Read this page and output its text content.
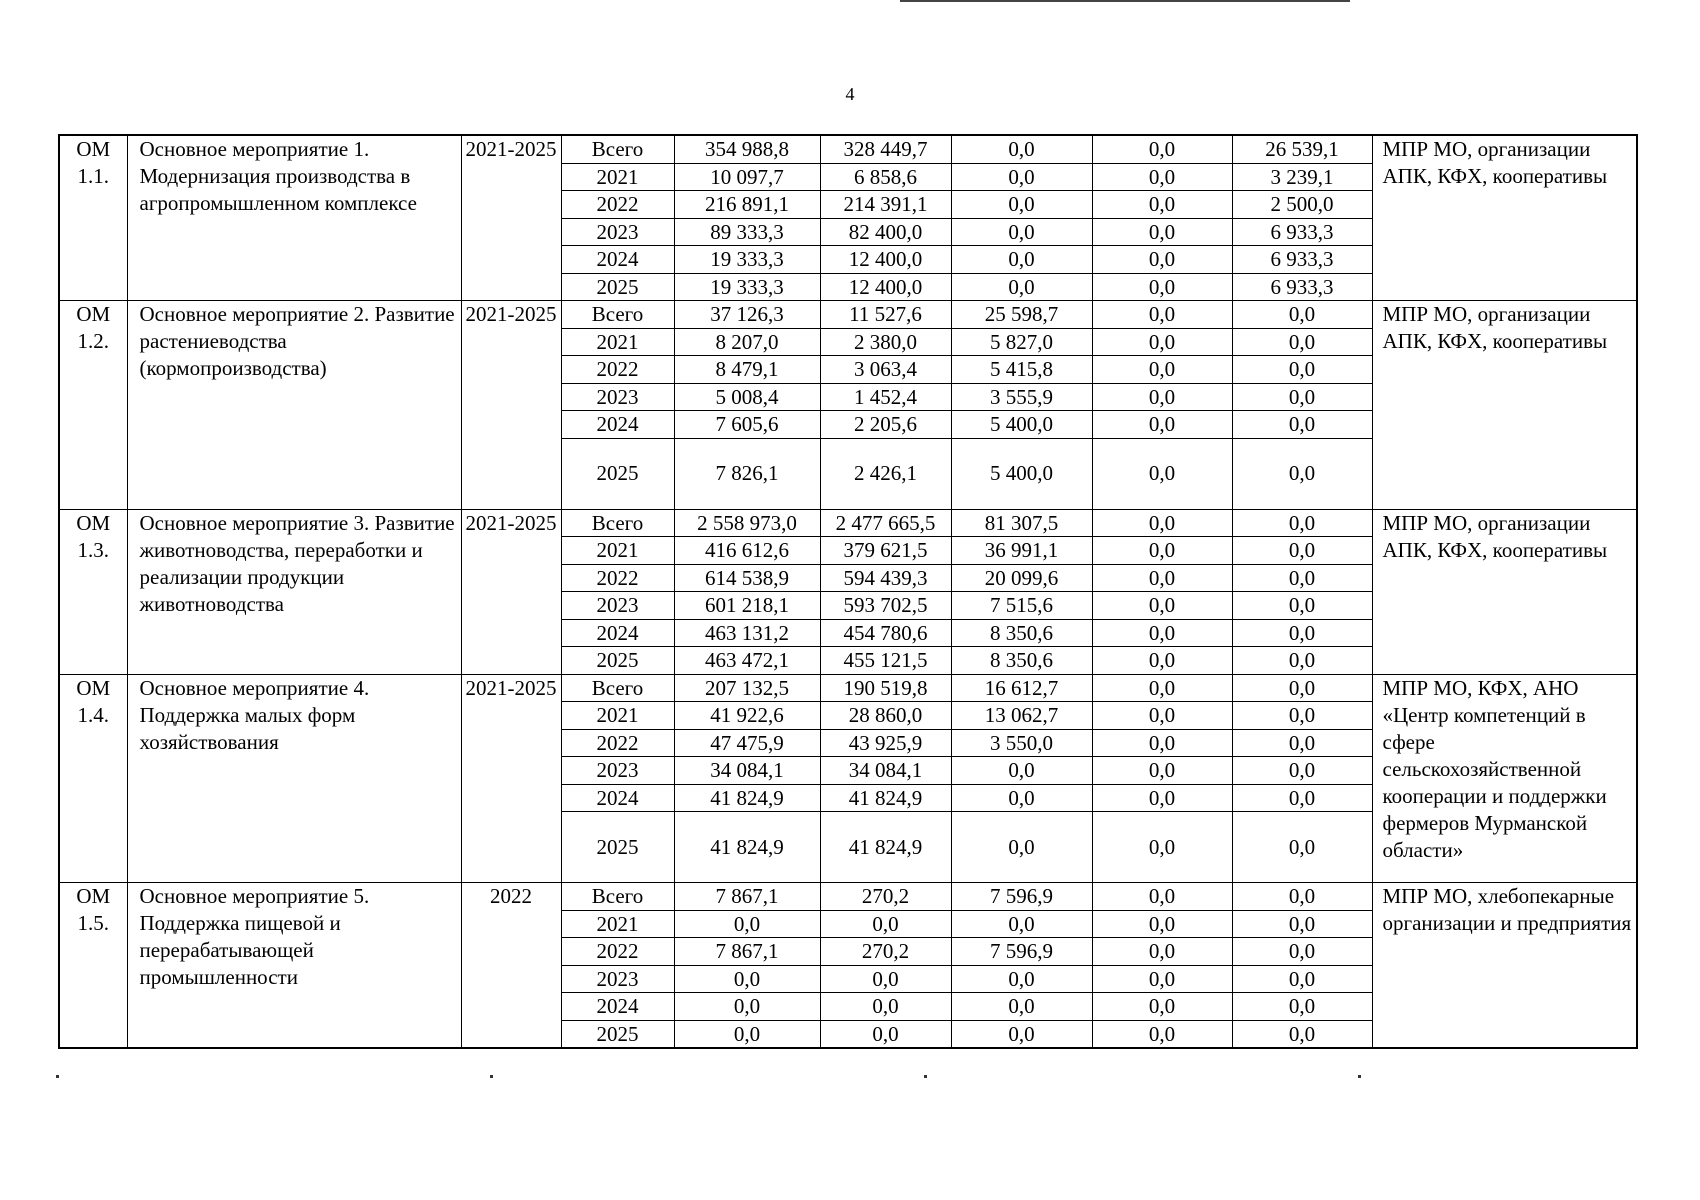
4
ОМ 1.1.	Основное мероприятие 1. Модернизация производства в агропромышленном комплексе	2021-2025	Всего	354 988,8	328 449,7	0,0	0,0	26 539,1	МПР МО, организации АПК, КФХ, кооперативы
			2021	10 097,7	6 858,6	0,0	0,0	3 239,1	
			2022	216 891,1	214 391,1	0,0	0,0	2 500,0	
			2023	89 333,3	82 400,0	0,0	0,0	6 933,3	
			2024	19 333,3	12 400,0	0,0	0,0	6 933,3	
			2025	19 333,3	12 400,0	0,0	0,0	6 933,3	
ОМ 1.2.	Основное мероприятие 2. Развитие растениеводства (кормопроизводства)	2021-2025	Всего	37 126,3	11 527,6	25 598,7	0,0	0,0	МПР МО, организации АПК, КФХ, кооперативы
			2021	8 207,0	2 380,0	5 827,0	0,0	0,0	
			2022	8 479,1	3 063,4	5 415,8	0,0	0,0	
			2023	5 008,4	1 452,4	3 555,9	0,0	0,0	
			2024	7 605,6	2 205,6	5 400,0	0,0	0,0	
			2025	7 826,1	2 426,1	5 400,0	0,0	0,0	
ОМ 1.3.	Основное мероприятие 3. Развитие животноводства, переработки и реализации продукции животноводства	2021-2025	Всего	2 558 973,0	2 477 665,5	81 307,5	0,0	0,0	МПР МО, организации АПК, КФХ, кооперативы
			2021	416 612,6	379 621,5	36 991,1	0,0	0,0	
			2022	614 538,9	594 439,3	20 099,6	0,0	0,0	
			2023	601 218,1	593 702,5	7 515,6	0,0	0,0	
			2024	463 131,2	454 780,6	8 350,6	0,0	0,0	
			2025	463 472,1	455 121,5	8 350,6	0,0	0,0	
ОМ 1.4.	Основное мероприятие 4. Поддержка малых форм хозяйствования	2021-2025	Всего	207 132,5	190 519,8	16 612,7	0,0	0,0	МПР МО, КФХ, АНО «Центр компетенций в сфере сельскохозяйственной кооперации и поддержки фермеров Мурманской области»
			2021	41 922,6	28 860,0	13 062,7	0,0	0,0	
			2022	47 475,9	43 925,9	3 550,0	0,0	0,0	
			2023	34 084,1	34 084,1	0,0	0,0	0,0	
			2024	41 824,9	41 824,9	0,0	0,0	0,0	
			2025	41 824,9	41 824,9	0,0	0,0	0,0	
ОМ 1.5.	Основное мероприятие 5. Поддержка пищевой и перерабатывающей промышленности	2022	Всего	7 867,1	270,2	7 596,9	0,0	0,0	МПР МО, хлебопекарные организации и предприятия
			2021	0,0	0,0	0,0	0,0	0,0	
			2022	7 867,1	270,2	7 596,9	0,0	0,0	
			2023	0,0	0,0	0,0	0,0	0,0	
			2024	0,0	0,0	0,0	0,0	0,0	
			2025	0,0	0,0	0,0	0,0	0,0	
